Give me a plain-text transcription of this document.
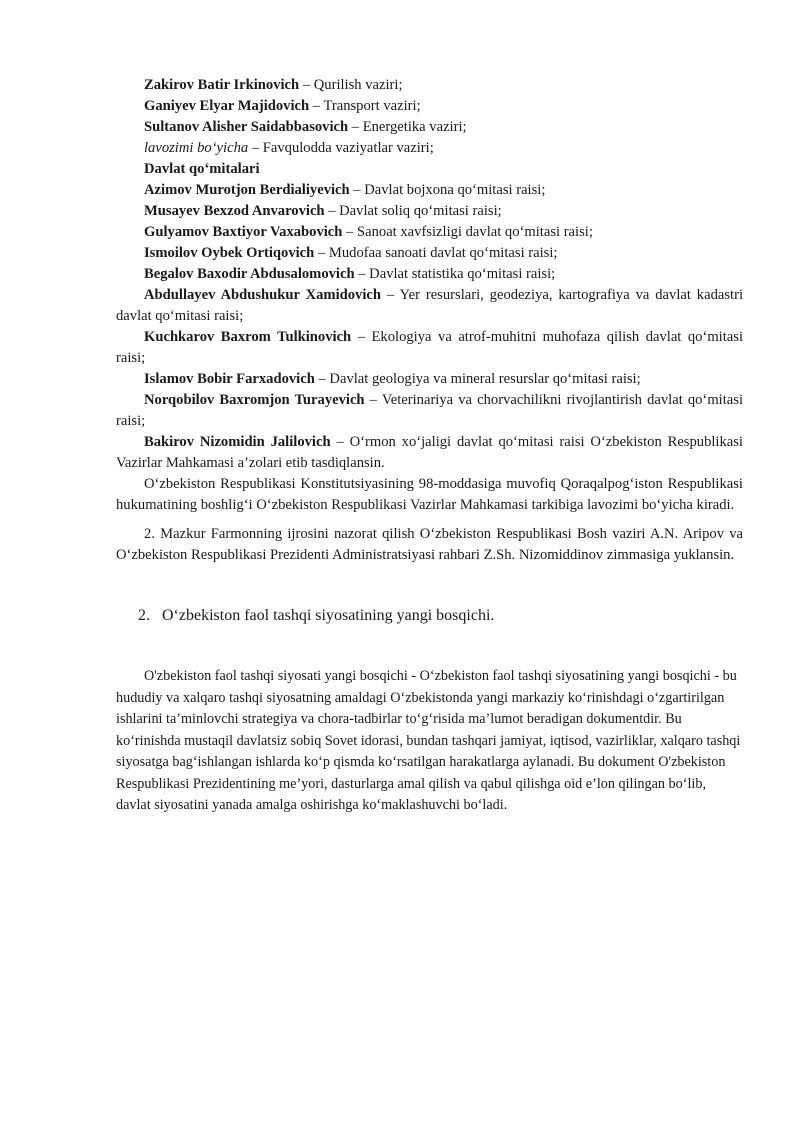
Zakirov Batir Irkinovich – Qurilish vaziri;

Ganiyev Elyar Majidovich – Transport vaziri;

Sultanov Alisher Saidabbasovich – Energetika vaziri;

lavozimi bo‘yicha – Favqulodda vaziyatlar vaziri;

Davlat qo‘mitalari

Azimov Murotjon Berdialiyevich – Davlat bojxona qo‘mitasi raisi;

Musayev Bexzod Anvarovich – Davlat soliq qo‘mitasi raisi;

Gulyamov Baxtiyor Vaxabovich – Sanoat xavfsizligi davlat qo‘mitasi raisi;

Ismoilov Oybek Ortiqovich – Mudofaa sanoati davlat qo‘mitasi raisi;

Begalov Baxodir Abdusalomovich – Davlat statistika qo‘mitasi raisi;

Abdullayev Abdushukur Xamidovich – Yer resurslari, geodeziya, kartografiya va davlat kadastri davlat qo‘mitasi raisi;

Kuchkarov Baxrom Tulkinovich – Ekologiya va atrof-muhitni muhofaza qilish davlat qo‘mitasi raisi;

Islamov Bobir Farxadovich – Davlat geologiya va mineral resurslar qo‘mitasi raisi;

Norqobilov Baxromjon Turayevich – Veterinariya va chorvachilikni rivojlantirish davlat qo‘mitasi raisi;

Bakirov Nizomidin Jalilovich – O‘rmon xo‘jaligi davlat qo‘mitasi raisi O‘zbekiston Respublikasi Vazirlar Mahkamasi a’zolari etib tasdiqlansin.

O‘zbekiston Respublikasi Konstitutsiyasining 98-moddasiga muvofiq Qoraqalpog‘iston Respublikasi hukumatining boshlig‘i O‘zbekiston Respublikasi Vazirlar Mahkamasi tarkibiga lavozimi bo‘yicha kiradi.

2. Mazkur Farmonning ijrosini nazorat qilish O‘zbekiston Respublikasi Bosh vaziri A.N. Aripov va O‘zbekiston Respublikasi Prezidenti Administratsiyasi rahbari Z.Sh. Nizomiddinov zimmasiga yuklansin.

2. O‘zbekiston faol tashqi siyosatining yangi bosqichi.

O'zbekiston faol tashqi siyosati yangi bosqichi - O‘zbekiston faol tashqi siyosatining yangi bosqichi - bu hududiy va xalqaro tashqi siyosatning amaldagi O‘zbekistonda yangi markaziy ko‘rinishdagi o‘zgartirilgan ishlarini ta’minlovchi strategiya va chora-tadbirlar to‘g‘risida ma’lumot beradigan dokumentdir. Bu ko‘rinishda mustaqil davlatsiz sobiq Sovet idorasi, bundan tashqari jamiyat, iqtisod, vazirliklar, xalqaro tashqi siyosatga bag‘ishlangan ishlarda ko‘p qismda ko‘rsatilgan harakatlarga aylanadi. Bu dokument O'zbekiston Respublikasi Prezidentining me’yori, dasturlarga amal qilish va qabul qilishga oid e’lon qilingan bo‘lib, davlat siyosatini yanada amalga oshirishga ko‘maklashuvchi bo‘ladi.
